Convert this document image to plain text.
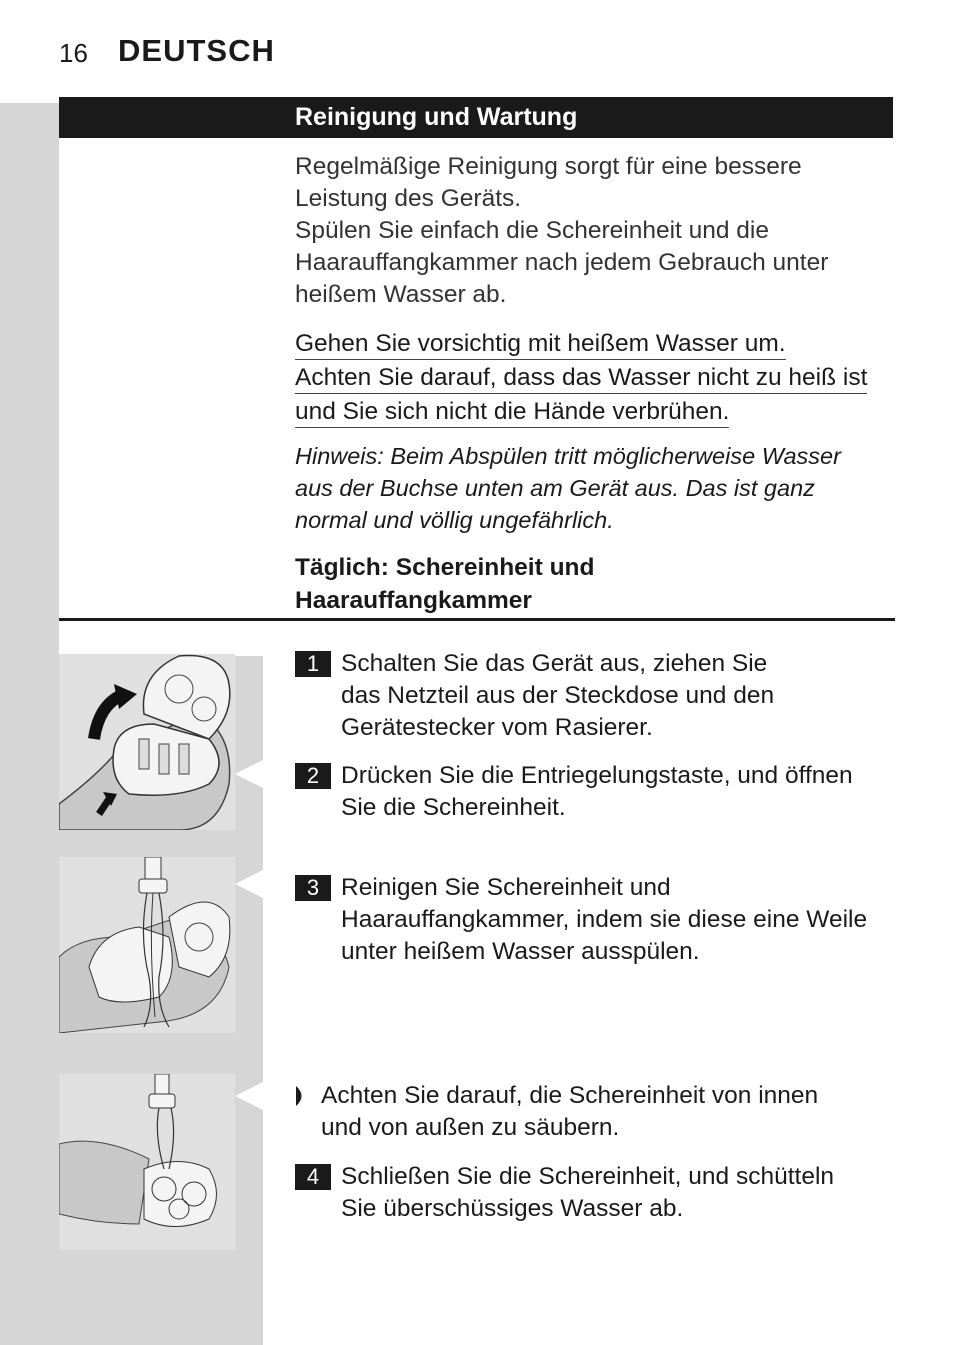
16 DEUTSCH
Reinigung und Wartung
Regelmäßige Reinigung sorgt für eine bessere
Leistung des Geräts.
Spülen Sie einfach die Schereinheit und die
Haarauffangkammer nach jedem Gebrauch unter
heißem Wasser ab.
Gehen Sie vorsichtig mit heißem Wasser um.
Achten Sie darauf, dass das Wasser nicht zu heiß ist
und Sie sich nicht die Hände verbrühen.
Hinweis: Beim Abspülen tritt möglicherweise Wasser
aus der Buchse unten am Gerät aus. Das ist ganz
normal und völlig ungefährlich.
Täglich: Schereinheit und
Haarauffangkammer
1 Schalten Sie das Gerät aus, ziehen Sie
das Netzteil aus der Steckdose und den
Gerätestecker vom Rasierer.
2 Drücken Sie die Entriegelungstaste, und öffnen
Sie die Schereinheit.
3 Reinigen Sie Schereinheit und
Haarauffangkammer, indem sie diese eine Weile
unter heißem Wasser ausspülen.
Achten Sie darauf, die Schereinheit von innen
und von außen zu säubern.
4 Schließen Sie die Schereinheit, und schütteln
Sie überschüssiges Wasser ab.
